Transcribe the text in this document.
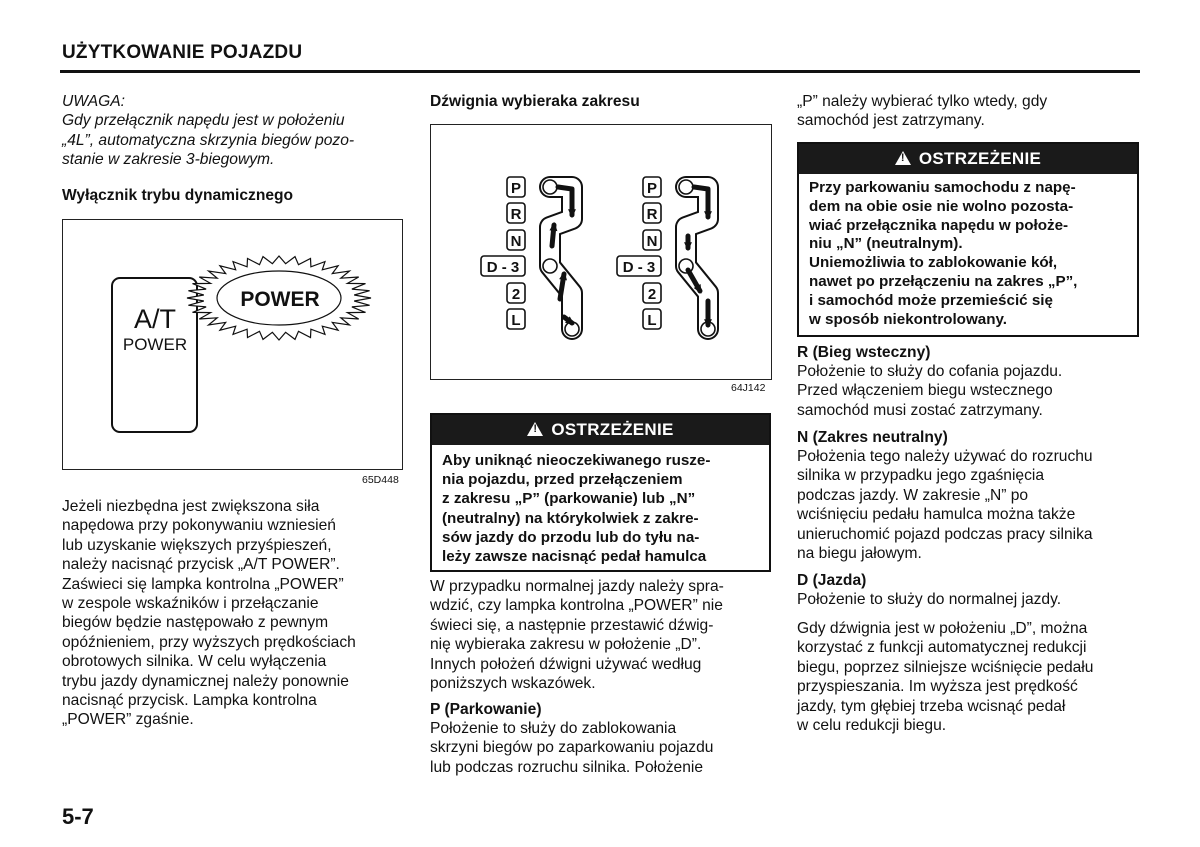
UŻYTKOWANIE POJAZDU
UWAGA:
Gdy przełącznik napędu jest w położeniu
„4L”, automatyczna skrzynia biegów pozo-
stanie w zakresie 3-biegowym.
Wyłącznik trybu dynamicznego
A/T
POWER
POWER
65D448
Jeżeli niezbędna jest zwiększona siła
napędowa przy pokonywaniu wzniesień
lub uzyskanie większych przyśpieszeń,
należy nacisnąć przycisk „A/T POWER”.
Zaświeci się lampka kontrolna „POWER”
w zespole wskaźników i przełączanie
biegów będzie następowało z pewnym
opóźnieniem, przy wyższych prędkościach
obrotowych silnika. W celu wyłączenia
trybu jazdy dynamicznej należy ponownie
nacisnąć przycisk. Lampka kontrolna
„POWER” zgaśnie.
Dźwignia wybieraka zakresu
P
R
N
D - 3
2
L
P
R
N
D - 3
2
L
64J142
!OSTRZEŻENIE
Aby uniknąć nieoczekiwanego rusze-
nia pojazdu, przed przełączeniem
z zakresu „P” (parkowanie) lub „N”
(neutralny) na którykolwiek z zakre-
sów jazdy do przodu lub do tyłu na-
leży zawsze nacisnąć pedał hamulca
W przypadku normalnej jazdy należy spra-
wdzić, czy lampka kontrolna „POWER” nie
świeci się, a następnie przestawić dźwig-
nię wybieraka zakresu w położenie „D”.
Innych położeń dźwigni używać według
poniższych wskazówek.
P (Parkowanie)
Położenie to służy do zablokowania
skrzyni biegów po zaparkowaniu pojazdu
lub podczas rozruchu silnika. Położenie
„P” należy wybierać tylko wtedy, gdy
samochód jest zatrzymany.
!OSTRZEŻENIE
Przy parkowaniu samochodu z napę-
dem na obie osie nie wolno pozosta-
wiać przełącznika napędu w położe-
niu „N” (neutralnym).
Uniemożliwia to zablokowanie kół,
nawet po przełączeniu na zakres „P”,
i samochód może przemieścić się
w sposób niekontrolowany.
R (Bieg wsteczny)
Położenie to służy do cofania pojazdu.
Przed włączeniem biegu wstecznego
samochód musi zostać zatrzymany.
N (Zakres neutralny)
Położenia tego należy używać do rozruchu
silnika w przypadku jego zgaśnięcia
podczas jazdy. W zakresie „N” po
wciśnięciu pedału hamulca można także
unieruchomić pojazd podczas pracy silnika
na biegu jałowym.
D (Jazda)
Położenie to służy do normalnej jazdy.
Gdy dźwignia jest w położeniu „D”, można
korzystać z funkcji automatycznej redukcji
biegu, poprzez silniejsze wciśnięcie pedału
przyspieszania. Im wyższa jest prędkość
jazdy, tym głębiej trzeba wcisnąć pedał
w celu redukcji biegu.
5-7
